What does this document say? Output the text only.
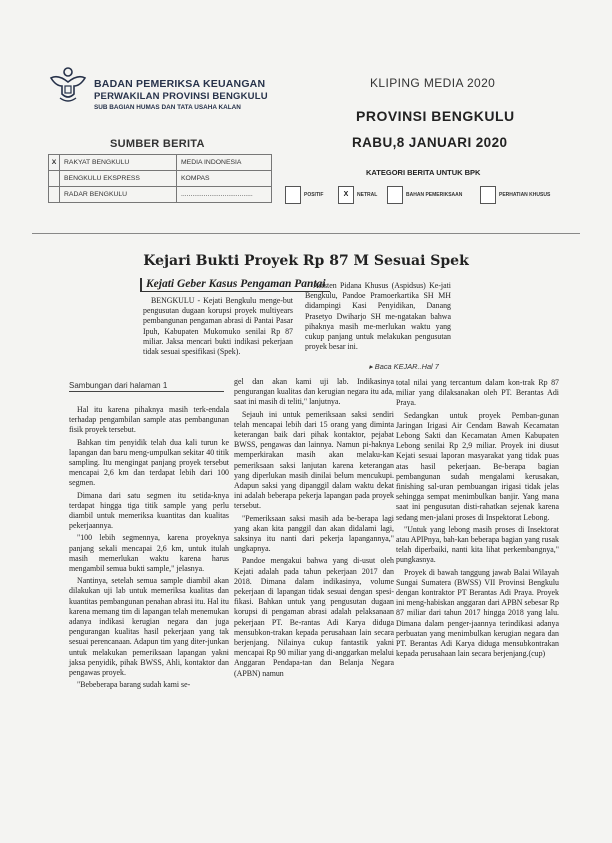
BADAN PEMERIKSA KEUANGAN
PERWAKILAN PROVINSI BENGKULU
SUB BAGIAN HUMAS DAN TATA USAHA KALAN
KLIPING MEDIA 2020
PROVINSI BENGKULU
RABU,8 JANUARI 2020
SUMBER BERITA
X	RAKYAT BENGKULU	MEDIA INDONESIA
	BENGKULU EKSPRESS	KOMPAS
	RADAR BENGKULU	......................................
KATEGORI BERITA UNTUK BPK
POSITIF	X	NETRAL	BAHAN PEMERIKSAAN	PERHATIAN KHUSUS
Kejari Bukti Proyek Rp 87 M Sesuai Spek
Kejati Geber Kasus Pengaman Pantai

BENGKULU - Kejati Bengkulu menge-but pengusutan dugaan korupsi proyek multiyears pembangunan pengaman abrasi di Pantai Pasar Ipuh, Kabupaten Mukomuko senilai Rp 87 miliar. Jaksa mencari bukti indikasi pekerjaan tidak sesuai spesifikasi (Spek).

Asisten Pidana Khusus (Aspidsus) Ke-jati Bengkulu, Pandoe Pramoerkartika SH MH didampingi Kasi Penyidikan, Danang Prasetyo Dwiharjo SH me-ngatakan bahwa pihaknya masih me-merlukan waktu yang cukup panjang untuk melakukan pengusutan proyek besar ini.

▸ Baca KEJAR..Hal 7
Sambungan dari halaman 1

Hal itu karena pihaknya masih terk-endala terhadap pengambilan sample atas pembangunan fisik proyek tersebut.

Bahkan tim penyidik telah dua kali turun ke lapangan dan baru meng-umpulkan sekitar 40 titik sampling. Itu mengingat panjang proyek tersebut mencapai 2,6 km dan terdapat lebih dari 100 segmen.

Dimana dari satu segmen itu setida-knya terdapat hingga tiga titik sample yang perlu diambil untuk memeriksa kuantitas dan kualitas pekerjaannya.

"100 lebih segmennya, karena proyeknya panjang sekali mencapai 2,6 km, untuk itulah masih memerlukan waktu karena harus mengambil semua bukti sample," jelasnya.

Nantinya, setelah semua sample diambil akan dilakukan uji lab untuk memeriksa kualitas dan kuantitas pembangunan penahan abrasi itu. Hal itu karena memang tim di lapangan telah menemukan adanya indikasi kerugian negara dan juga pengurangan kualitas hasil pekerjaan yang tak sesuai perencanaan. Adapun tim yang diter-junkan untuk melakukan pemeriksaan lapangan yakni jaksa penyidik, pihak BWSS, Ahli, kontaktor dan pengawas proyek.

"Bebeberapa barang sudah kami se-

gel dan akan kami uji lab. Indikasinya pengurangan kualitas dan kerugian negara itu ada, saat ini masih di teliti," lanjutnya.

Sejauh ini untuk pemeriksaan saksi sendiri telah mencapai lebih dari 15 orang yang diminta keterangan baik dari pihak kontaktor, pejabat BWSS, pengawas dan lainnya. Namun pi-haknya memperkirakan masih akan melaku-kan pemeriksaan saksi lanjutan karena keterangan yang diperlukan masih dinilai belum mencukupi. Adapun saksi yang dipanggil dalam waktu dekat ini adalah beberapa pekerja lapangan pada proyek tersebut.

"Pemeriksaan saksi masih ada be-berapa lagi yang akan kita panggil dan akan didalami lagi, saksinya itu nanti dari pekerja lapangannya," ungkapnya.

Pandoe mengakui bahwa yang di-usut oleh Kejati adalah pada tahun pekerjaan 2017 dan 2018. Dimana dalam indikasinya, volume pekerjaan di lapangan tidak sesuai dengan spesi-fikasi. Bahkan untuk yang pengusutan dugaan korupsi di pengaman abrasi adalah pelaksanaan pekerjaan PT. Be-rantas Adi Karya diduga mensubkon-trakan kepada perusahaan lain secara berjenjang. Nilainya cukup fantastik yakni mencapai Rp 90 miliar yang di-anggarkan melalui Anggaran Pendapa-tan dan Belanja Negara (APBN) namun

total nilai yang tercantum dalam kon-trak Rp 87 miliar yang dilaksanakan oleh PT. Berantas Adi Praya.

Sedangkan untuk proyek Pemban-gunan Jaringan Irigasi Air Cendam Bawah Kecamatan Lebong Sakti dan Kecamatan Amen Kabupaten Lebong senilai Rp 2,9 miliar. Proyek ini diusut Kejati sesuai laporan masyarakat yang tidak puas atas hasil pekerjaan. Be-berapa bagian pembangunan sudah mengalami kerusakan, finishing sal-uran pembuangan irigasi tidak jelas sehingga sempat menimbulkan banjir. Yang mana saat ini pengusutan disti-rahatkan sejenak karena sedang men-jalani proses di Inspektorat Lebong.

"Untuk yang lebong masih proses di Insektorat atau APIPnya, bah-kan beberapa bagian yang rusak telah diperbaiki, nanti kita lihat perkembangnya," pungkasnya.

Proyek di bawah tanggung jawab Balai Wilayah Sungai Sumatera (BWSS) VII Provinsi Bengkulu dengan kontraktor PT Berantas Adi Praya. Proyek ini meng-habiskan anggaran dari APBN sebesar Rp 87 miliar dari tahun 2017 hingga 2018 yang lalu. Dimana dalam penger-jaannya terindikasi adanya perbuatan yang menimbulkan kerugian negara dan PT. Berantas Adi Karya diduga mensubkontrakan kepada perusahaan lain secara berjenjang.(cup)
